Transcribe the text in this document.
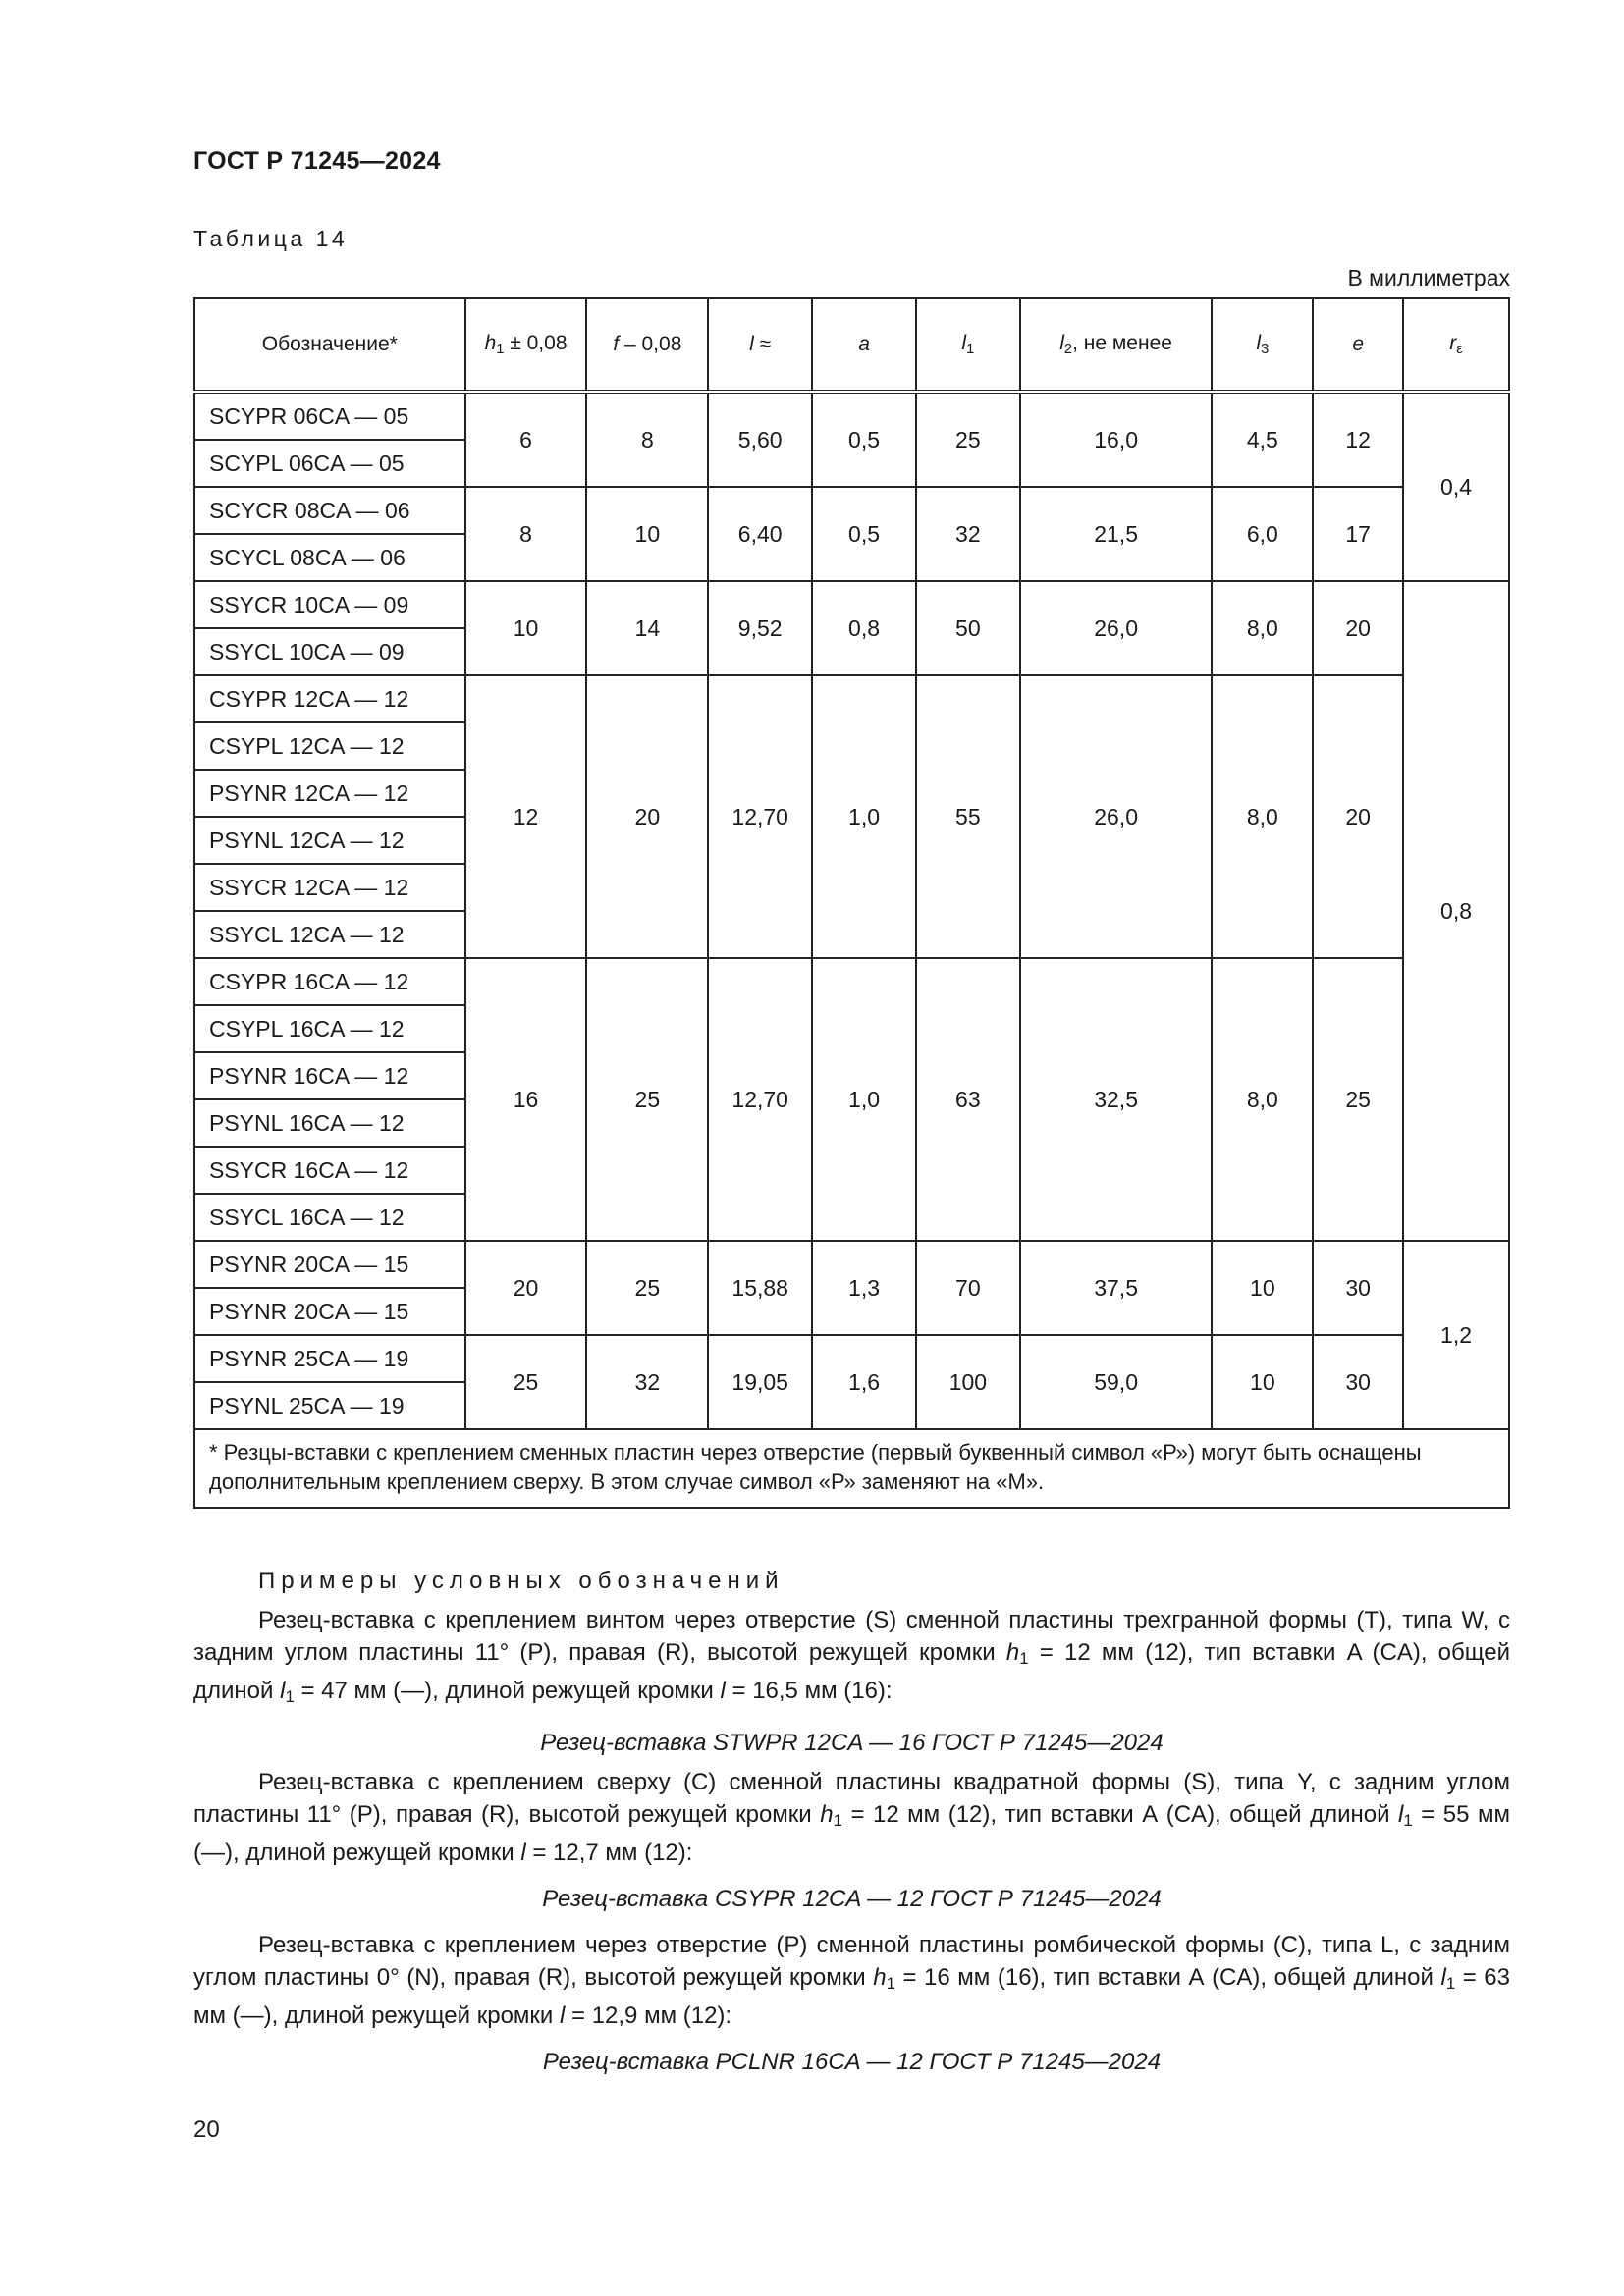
ГОСТ Р 71245—2024
Таблица 14
В миллиметрах
Обозначение*	$h_1 \pm 0,08$	f – 0,08	l ≈	a	$l_1$	$l_2$, не менее	$l_3$	e	$r_\varepsilon$
SCYPR 06CA — 05	6	8	5,60	0,5	25	16,0	4,5	12	0,4
SCYPL 06CA — 05									
SCYCR 08CA — 06	8	10	6,40	0,5	32	21,5	6,0	17	
SCYCL 08CA — 06									
SSYCR 10CA — 09	10	14	9,52	0,8	50	26,0	8,0	20	0,8
SSYCL 10CA — 09									
CSYPR 12CA — 12	12	20	12,70	1,0	55	26,0	8,0	20	
CSYPL 12CA — 12									
PSYNR 12CA — 12									
PSYNL 12CA — 12									
SSYCR 12CA — 12									
SSYCL 12CA — 12									
CSYPR 16CA — 12	16	25	12,70	1,0	63	32,5	8,0	25	
CSYPL 16CA — 12									
PSYNR 16CA — 12									
PSYNL 16CA — 12									
SSYCR 16CA — 12									
SSYCL 16CA — 12									
PSYNR 20CA — 15	20	25	15,88	1,3	70	37,5	10	30	1,2
PSYNR 20CA — 15									
PSYNR 25CA — 19	25	32	19,05	1,6	100	59,0	10	30	
PSYNL 25CA — 19									
* Резцы-вставки с креплением сменных пластин через отверстие (первый буквенный символ «Р») могут быть оснащены дополнительным креплением сверху. В этом случае символ «Р» заменяют на «М».									
Примеры условных обозначений
Резец-вставка с креплением винтом через отверстие (S) сменной пластины трехгранной формы (Т), типа W, с задним углом пластины 11° (Р), правая (R), высотой режущей кромки $h_1 = 12$ мм (12), тип вставки A (CA), общей длиной $l_1 = 47$ мм (—), длиной режущей кромки l = 16,5 мм (16):
Резец-вставка STWPR 12CA — 16 ГОСТ Р 71245—2024
Резец-вставка с креплением сверху (С) сменной пластины квадратной формы (S), типа Y, с задним углом пластины 11° (Р), правая (R), высотой режущей кромки $h_1 = 12$ мм (12), тип вставки А (CA), общей длиной $l_1 = 55$ мм (—), длиной режущей кромки l = 12,7 мм (12):
Резец-вставка CSYPR 12CA — 12 ГОСТ Р 71245—2024
Резец-вставка с креплением через отверстие (P) сменной пластины ромбической формы (С), типа L, с задним углом пластины 0° (N), правая (R), высотой режущей кромки $h_1 = 16$ мм (16), тип вставки А (CA), общей длиной $l_1 = 63$ мм (—), длиной режущей кромки l = 12,9 мм (12):
Резец-вставка PCLNR 16CA — 12 ГОСТ Р 71245—2024
20
